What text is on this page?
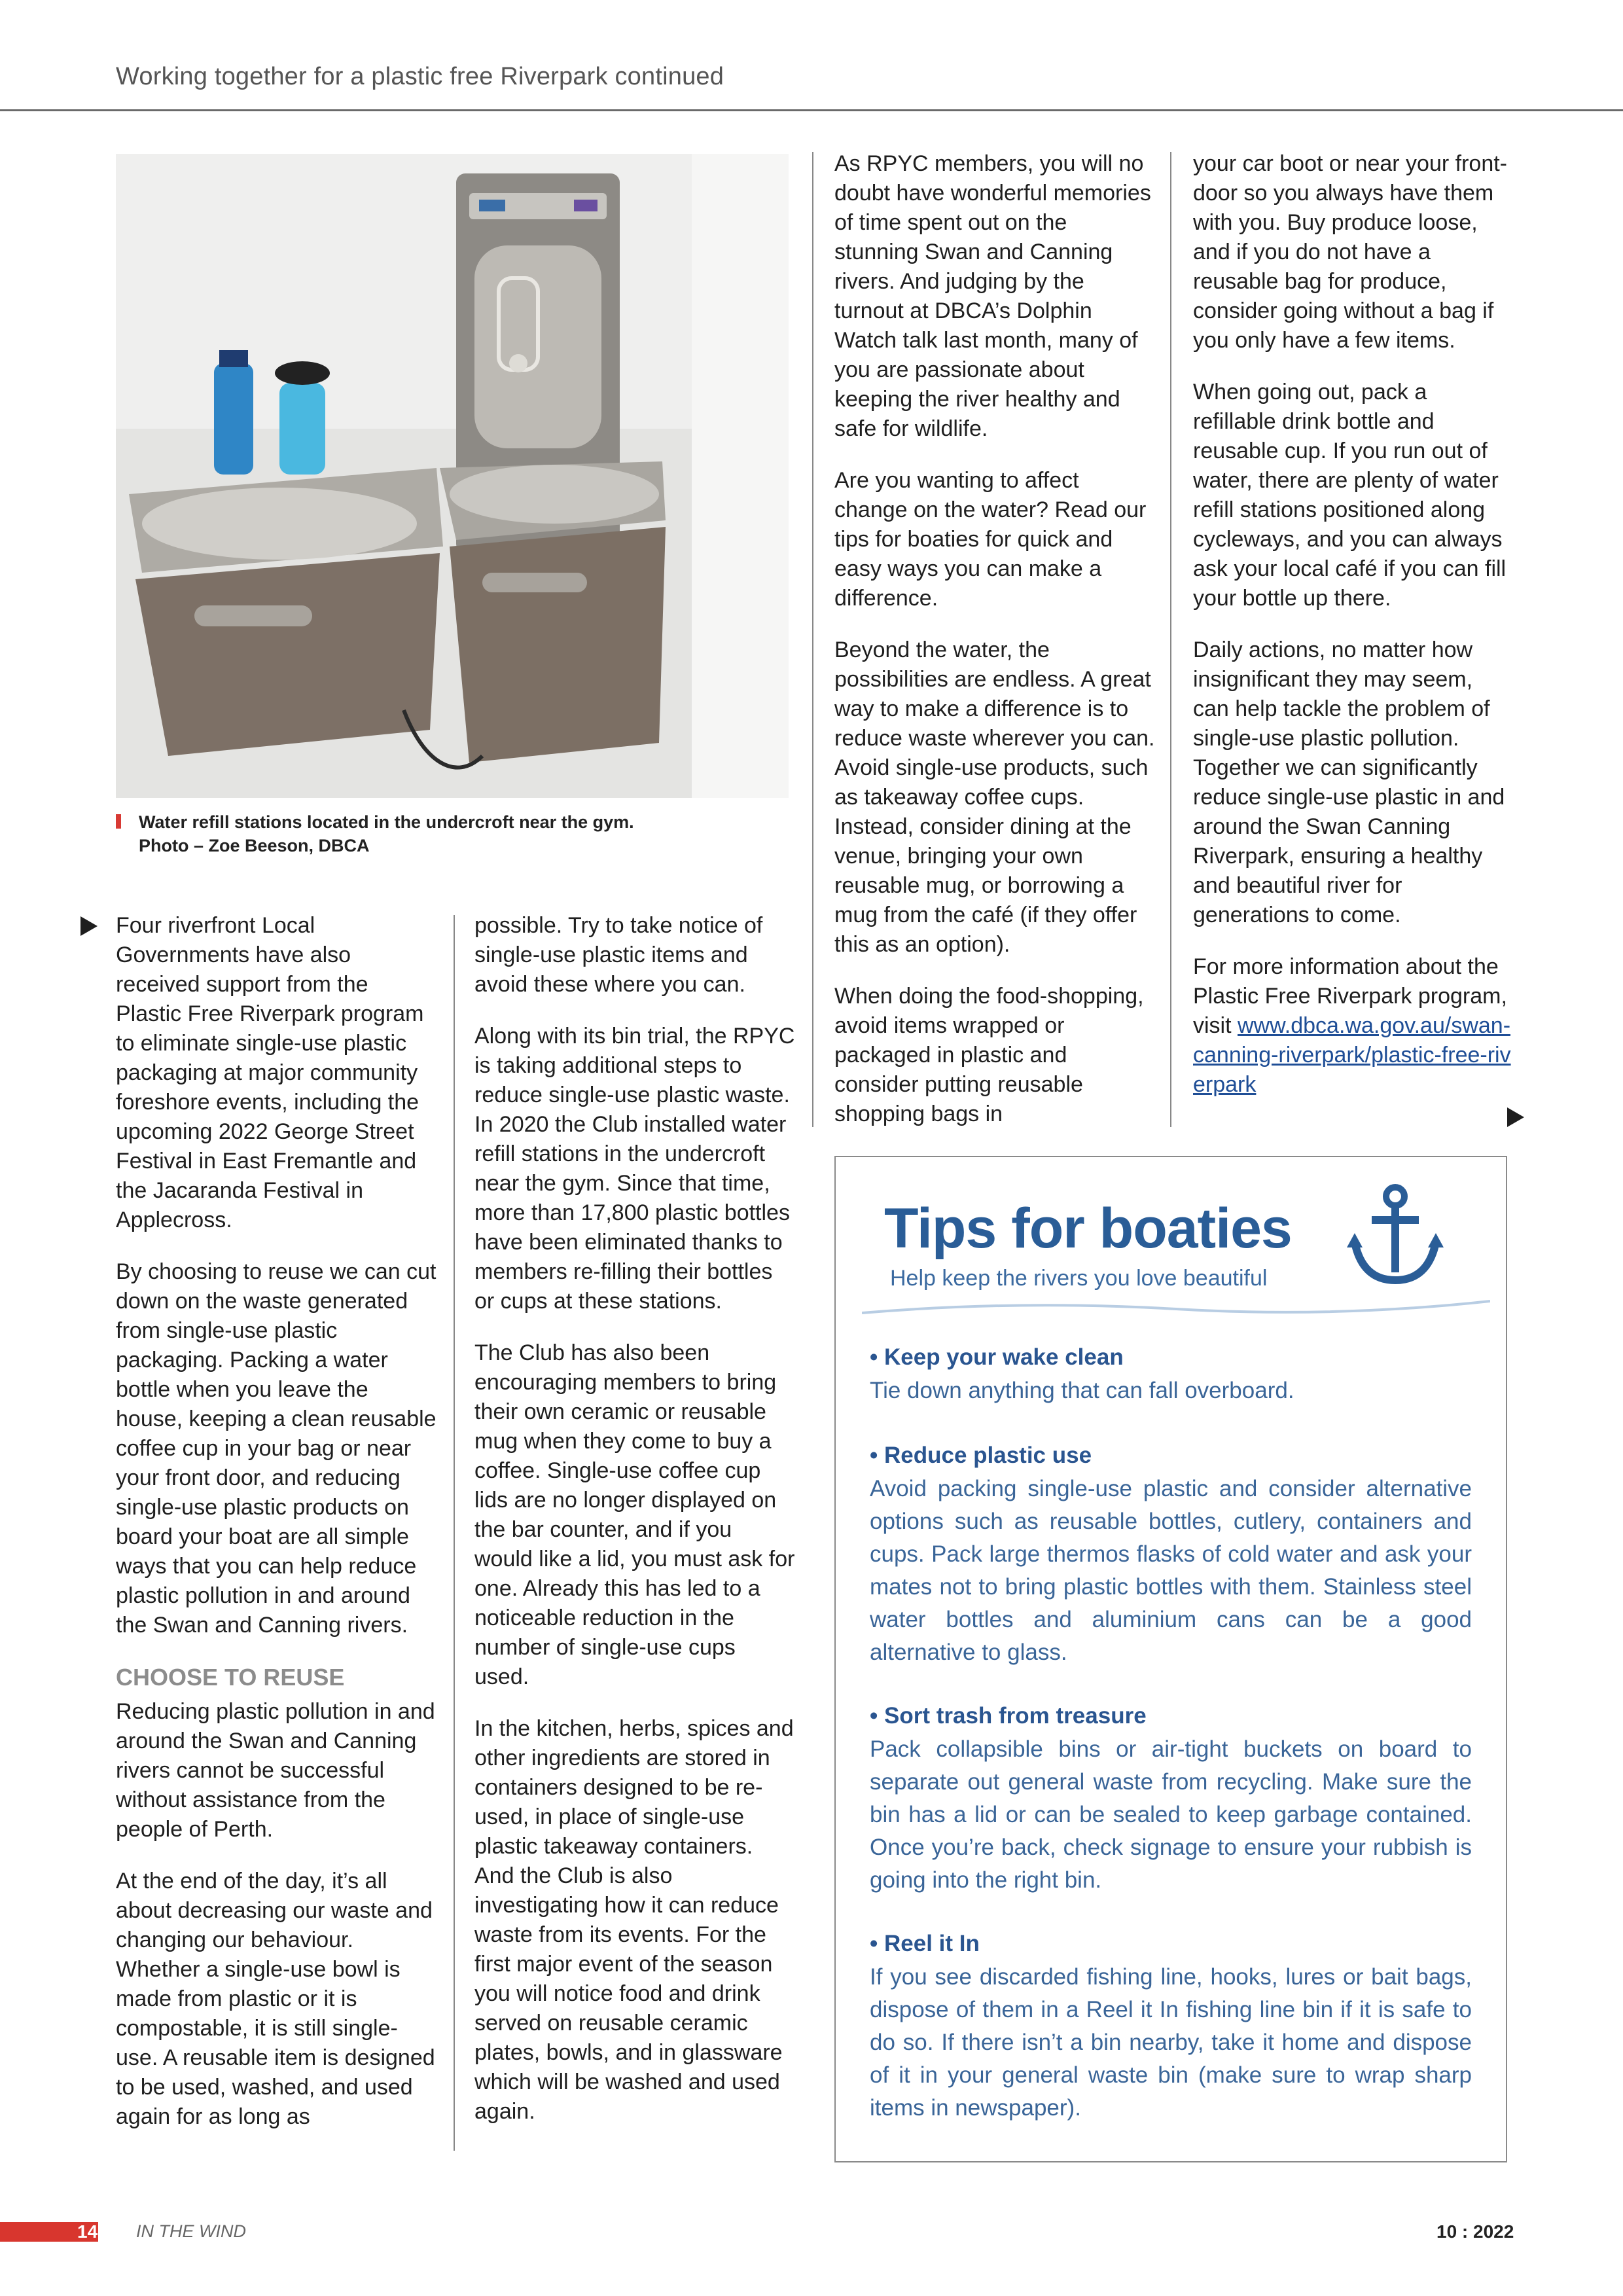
Working together for a plastic free Riverpark continued
Water refill stations located in the undercroft near the gym.
Photo – Zoe Beeson, DBCA

Four riverfront Local Governments have also received support from the Plastic Free Riverpark program to eliminate single-use plastic packaging at major community foreshore events, including the upcoming 2022 George Street Festival in East Fremantle and the Jacaranda Festival in Applecross.

By choosing to reuse we can cut down on the waste generated from single-use plastic packaging. Packing a water bottle when you leave the house, keeping a clean reusable coffee cup in your bag or near your front door, and reducing single-use plastic products on board your boat are all simple ways that you can help reduce plastic pollution in and around the Swan and Canning rivers.

CHOOSE TO REUSE

Reducing plastic pollution in and around the Swan and Canning rivers cannot be successful without assistance from the people of Perth.

At the end of the day, it’s all about decreasing our waste and changing our behaviour. Whether a single-use bowl is made from plastic or it is compostable, it is still single-use. A reusable item is designed to be used, washed, and used again for as long as

possible. Try to take notice of single-use plastic items and avoid these where you can.

Along with its bin trial, the RPYC is taking additional steps to reduce single-use plastic waste. In 2020 the Club installed water refill stations in the undercroft near the gym. Since that time, more than 17,800 plastic bottles have been eliminated thanks to members re-filling their bottles or cups at these stations.

The Club has also been encouraging members to bring their own ceramic or reusable mug when they come to buy a coffee. Single-use coffee cup lids are no longer displayed on the bar counter, and if you would like a lid, you must ask for one. Already this has led to a noticeable reduction in the number of single-use cups used.

In the kitchen, herbs, spices and other ingredients are stored in containers designed to be re-used, in place of single-use plastic takeaway containers. And the Club is also investigating how it can reduce waste from its events. For the first major event of the season you will notice food and drink served on reusable ceramic plates, bowls, and in glassware which will be washed and used again.

As RPYC members, you will no doubt have wonderful memories of time spent out on the stunning Swan and Canning rivers. And judging by the turnout at DBCA’s Dolphin Watch talk last month, many of you are passionate about keeping the river healthy and safe for wildlife.

Are you wanting to affect change on the water? Read our tips for boaties for quick and easy ways you can make a difference.

Beyond the water, the possibilities are endless. A great way to make a difference is to reduce waste wherever you can. Avoid single-use products, such as takeaway coffee cups. Instead, consider dining at the venue, bringing your own reusable mug, or borrowing a mug from the café (if they offer this as an option).

When doing the food-shopping, avoid items wrapped or packaged in plastic and consider putting reusable shopping bags in

your car boot or near your front-door so you always have them with you. Buy produce loose, and if you do not have a reusable bag for produce, consider going without a bag if you only have a few items.

When going out, pack a refillable drink bottle and reusable cup. If you run out of water, there are plenty of water refill stations positioned along cycleways, and you can always ask your local café if you can fill your bottle up there.

Daily actions, no matter how insignificant they may seem, can help tackle the problem of single-use plastic pollution. Together we can significantly reduce single-use plastic in and around the Swan Canning Riverpark, ensuring a healthy and beautiful river for generations to come.

For more information about the Plastic Free Riverpark program, visit www.dbca.wa.gov.au/swan-canning-riverpark/plastic-free-riverpark

Tips for boaties
Help keep the rivers you love beautiful
• Keep your wake clean
Tie down anything that can fall overboard.
• Reduce plastic use
Avoid packing single-use plastic and consider alternative options such as reusable bottles, cutlery, containers and cups. Pack large thermos flasks of cold water and ask your mates not to bring plastic bottles with them. Stainless steel water bottles and aluminium cans can be a good alternative to glass.
• Sort trash from treasure
Pack collapsible bins or air-tight buckets on board to separate out general waste from recycling. Make sure the bin has a lid or can be sealed to keep garbage contained. Once you’re back, check signage to ensure your rubbish is going into the right bin.
• Reel it In
If you see discarded fishing line, hooks, lures or bait bags, dispose of them in a Reel it In fishing line bin if it is safe to do so. If there isn’t a bin nearby, take it home and dispose of it in your general waste bin (make sure to wrap sharp items in newspaper).
14 IN THE WIND	10 : 2022
